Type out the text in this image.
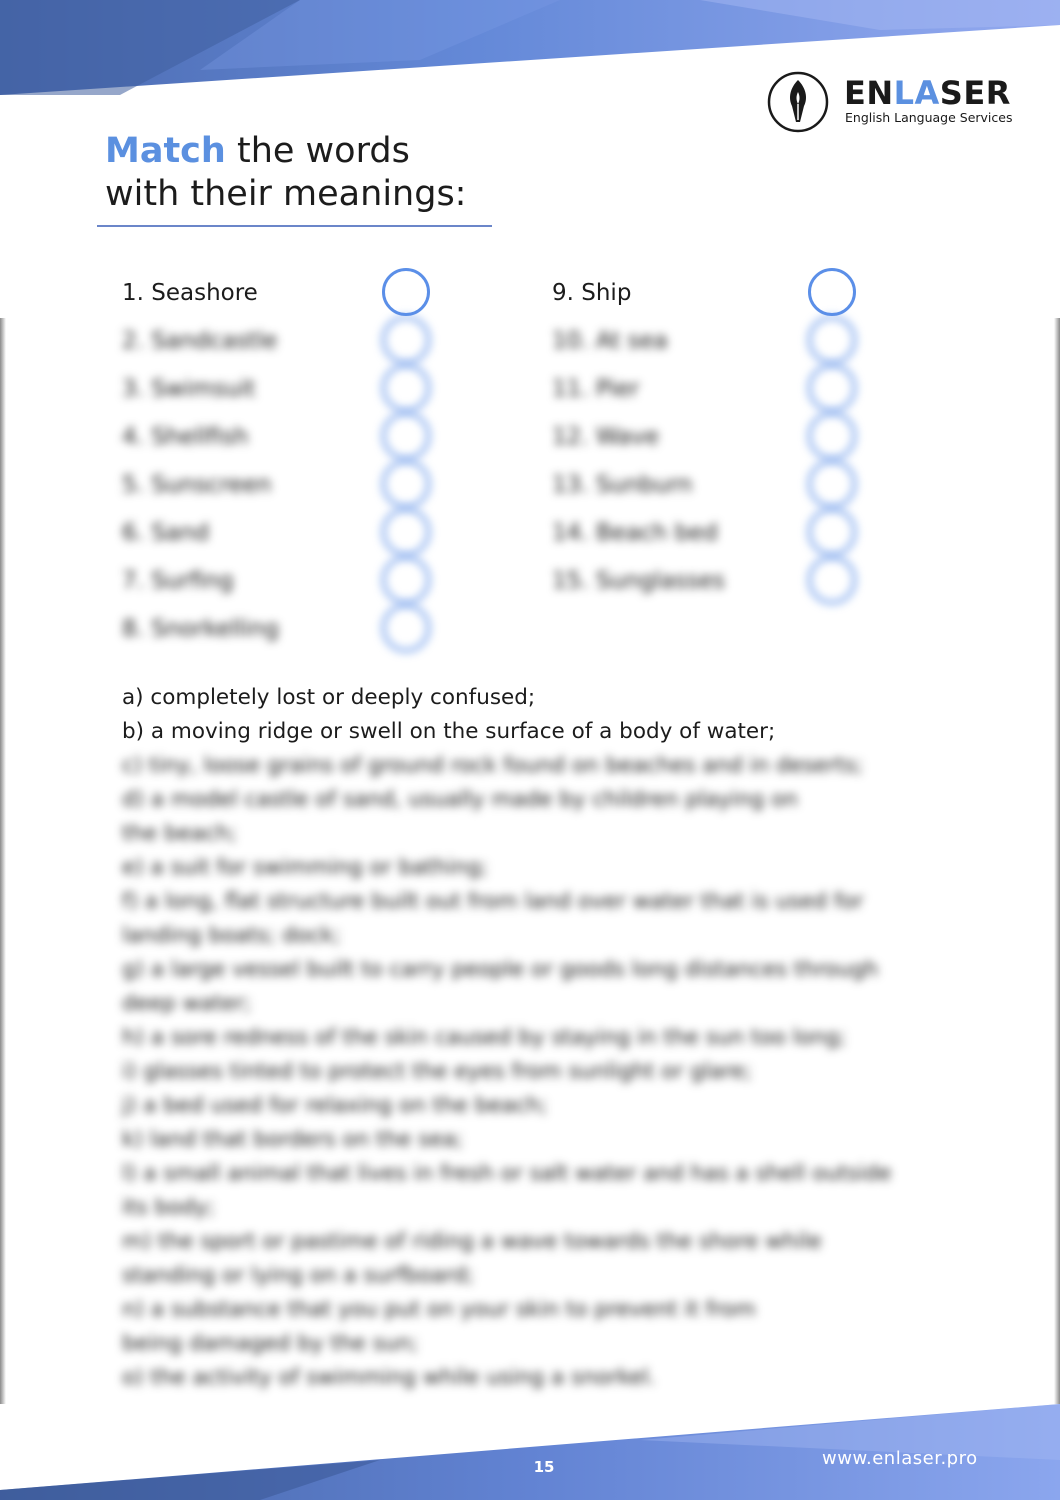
ENLASER
English Language Services
Match the words
with their meanings:
1. Seashore
2. Sandcastle
3. Swimsuit
4. Shellfish
5. Sunscreen
6. Sand
7. Surfing
8. Snorkelling
9. Ship
10. At sea
11. Pier
12. Wave
13. Sunburn
14. Beach bed
15. Sunglasses
a) completely lost or deeply confused;
b) a moving ridge or swell on the surface of a body of water;
c) tiny, loose grains of ground rock found on beaches and in deserts;
d) a model castle of sand, usually made by children playing on
the beach;
e) a suit for swimming or bathing;
f) a long, flat structure built out from land over water that is used for
landing boats; dock;
g) a large vessel built to carry people or goods long distances through
deep water;
h) a sore redness of the skin caused by staying in the sun too long;
i) glasses tinted to protect the eyes from sunlight or glare;
j) a bed used for relaxing on the beach;
k) land that borders on the sea;
l) a small animal that lives in fresh or salt water and has a shell outside
its body;
m) the sport or pastime of riding a wave towards the shore while
standing or lying on a surfboard;
n) a substance that you put on your skin to prevent it from
being damaged by the sun;
o) the activity of swimming while using a snorkel.
15	www.enlaser.pro
